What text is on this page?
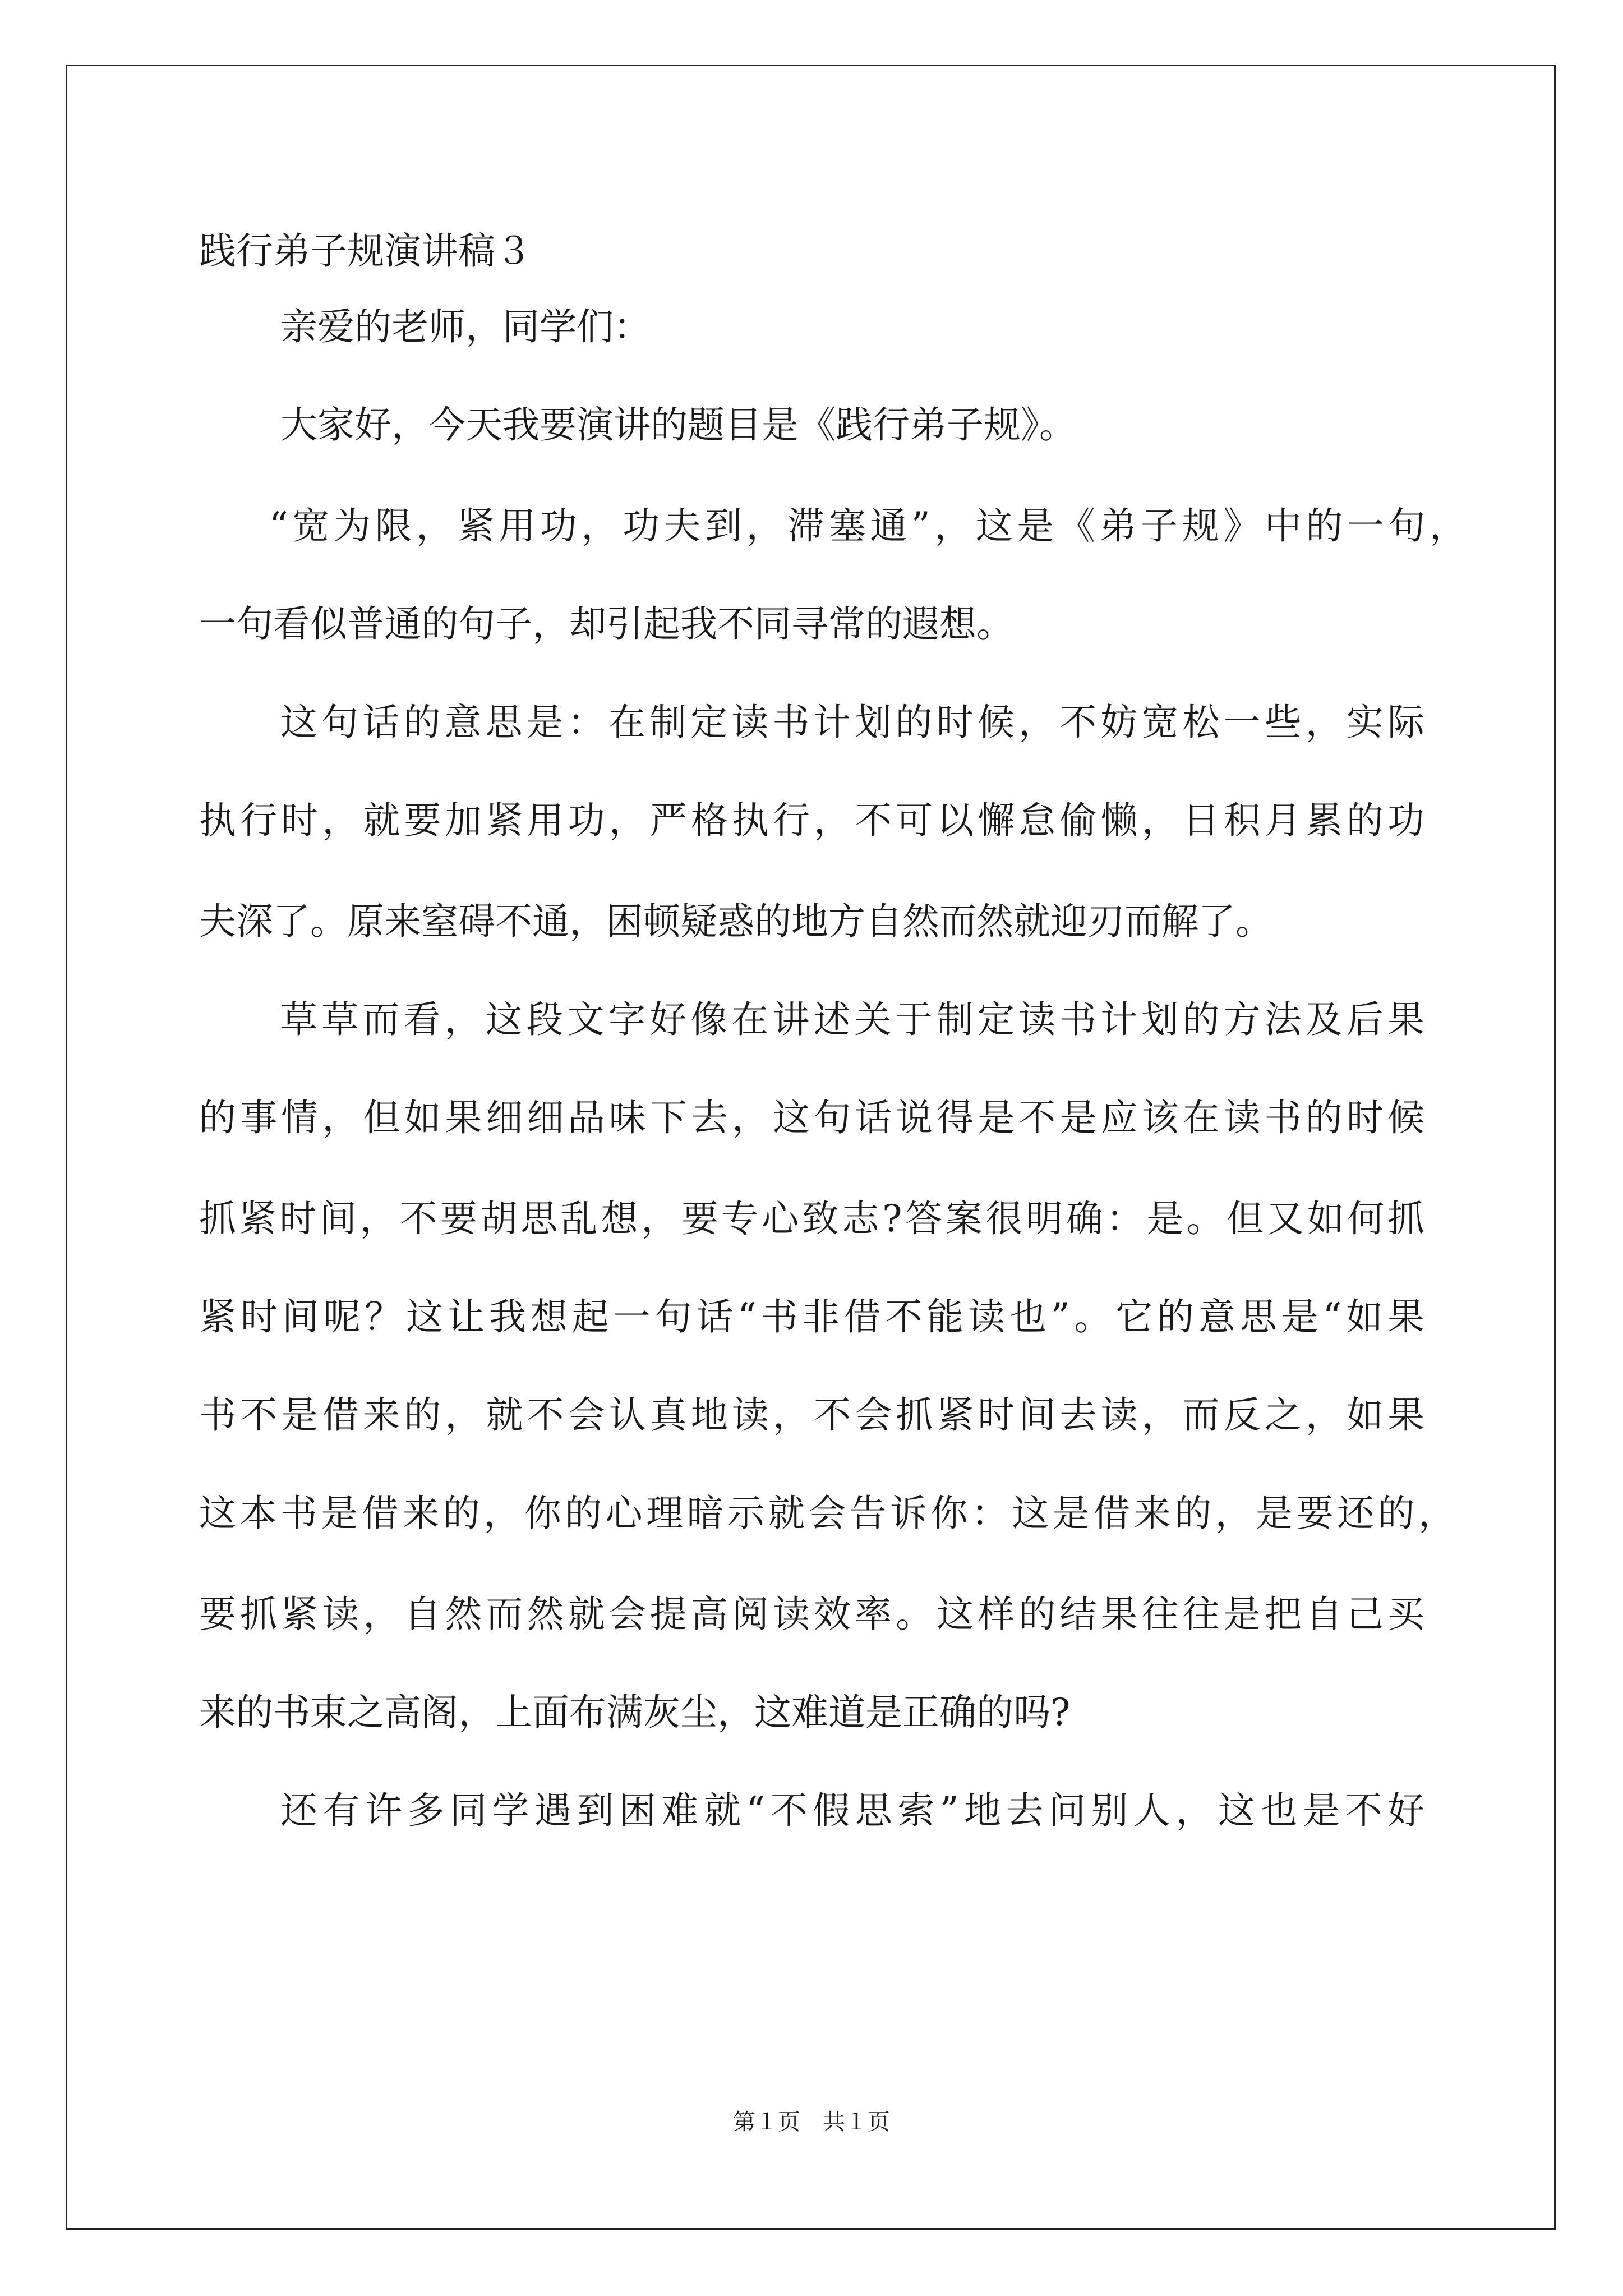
践行弟子规演讲稿３
亲爱的老师，同学们：
大家好，今天我要演讲的题目是《践行弟子规》。
“宽为限，紧用功，功夫到，滞塞通”，这是《弟子规》中的一句，
一句看似普通的句子，却引起我不同寻常的遐想。
这句话的意思是：在制定读书计划的时候，不妨宽松一些，实际
执行时，就要加紧用功，严格执行，不可以懈怠偷懒，日积月累的功
夫深了。原来窒碍不通，困顿疑惑的地方自然而然就迎刃而解了。
草草而看，这段文字好像在讲述关于制定读书计划的方法及后果
的事情，但如果细细品味下去，这句话说得是不是应该在读书的时候
抓紧时间，不要胡思乱想，要专心致志?答案很明确：是。但又如何抓
紧时间呢？这让我想起一句话“书非借不能读也”。它的意思是“如果
书不是借来的，就不会认真地读，不会抓紧时间去读，而反之，如果
这本书是借来的，你的心理暗示就会告诉你：这是借来的，是要还的，
要抓紧读，自然而然就会提高阅读效率。这样的结果往往是把自己买
来的书束之高阁，上面布满灰尘，这难道是正确的吗?
还有许多同学遇到困难就“不假思索”地去问别人，这也是不好
第１页　共１页
